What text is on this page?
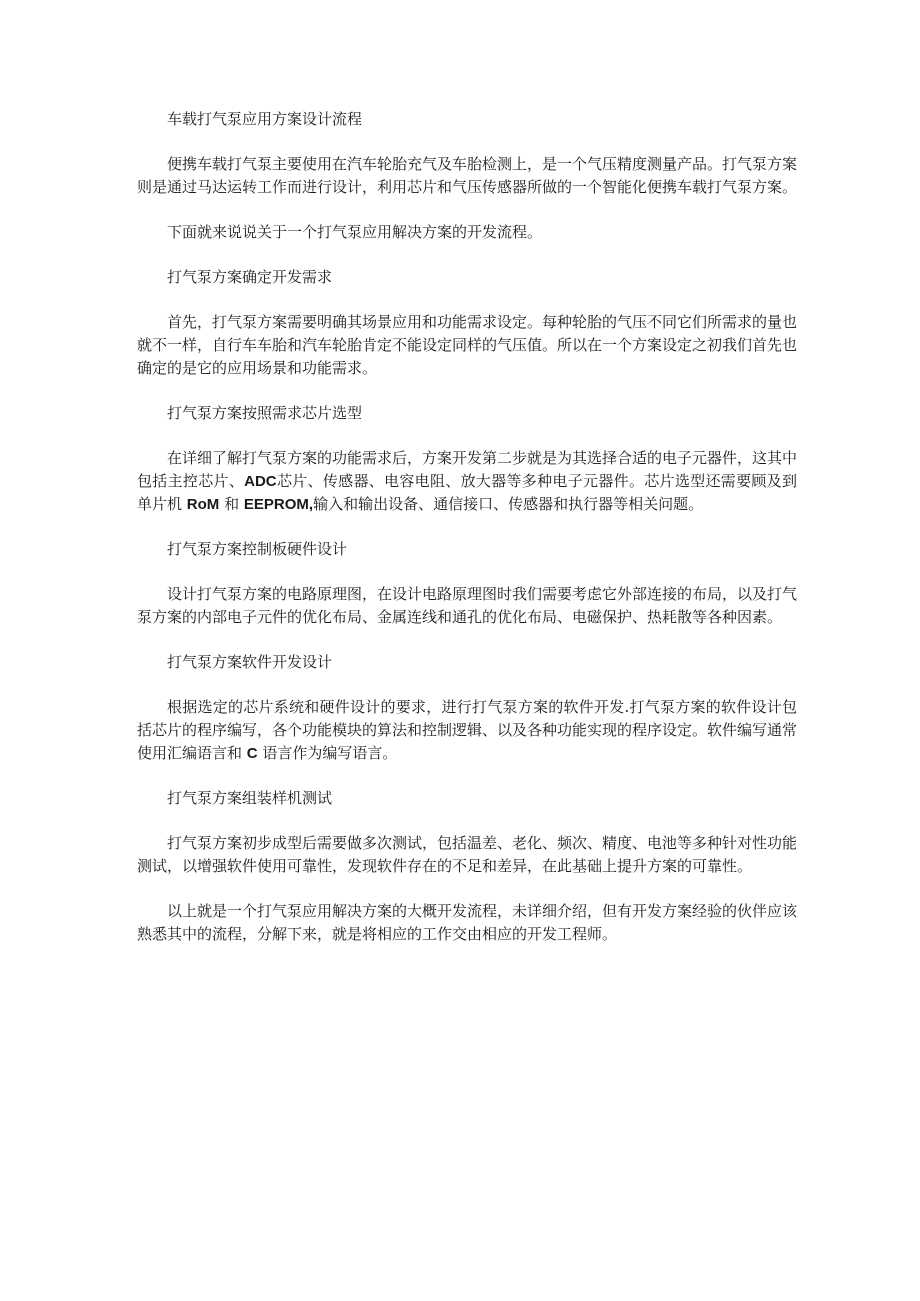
车载打气泵应用方案设计流程

便携车载打气泵主要使用在汽车轮胎充气及车胎检测上，是一个气压精度测量产品。打气泵方案则是通过马达运转工作而进行设计，利用芯片和气压传感器所做的一个智能化便携车载打气泵方案。

下面就来说说关于一个打气泵应用解决方案的开发流程。

打气泵方案确定开发需求

首先，打气泵方案需要明确其场景应用和功能需求设定。每种轮胎的气压不同它们所需求的量也就不一样，自行车车胎和汽车轮胎肯定不能设定同样的气压值。所以在一个方案设定之初我们首先也确定的是它的应用场景和功能需求。

打气泵方案按照需求芯片选型

在详细了解打气泵方案的功能需求后，方案开发第二步就是为其选择合适的电子元器件，这其中包括主控芯片、ADC芯片、传感器、电容电阻、放大器等多种电子元器件。芯片选型还需要顾及到单片机 RoM 和 EEPROM,输入和输出设备、通信接口、传感器和执行器等相关问题。

打气泵方案控制板硬件设计

设计打气泵方案的电路原理图，在设计电路原理图时我们需要考虑它外部连接的布局，以及打气泵方案的内部电子元件的优化布局、金属连线和通孔的优化布局、电磁保护、热耗散等各种因素。

打气泵方案软件开发设计

根据选定的芯片系统和硬件设计的要求，进行打气泵方案的软件开发.打气泵方案的软件设计包括芯片的程序编写，各个功能模块的算法和控制逻辑、以及各种功能实现的程序设定。软件编写通常使用汇编语言和 C 语言作为编写语言。

打气泵方案组装样机测试

打气泵方案初步成型后需要做多次测试，包括温差、老化、频次、精度、电池等多种针对性功能测试，以增强软件使用可靠性，发现软件存在的不足和差异，在此基础上提升方案的可靠性。

以上就是一个打气泵应用解决方案的大概开发流程，未详细介绍，但有开发方案经验的伙伴应该熟悉其中的流程，分解下来，就是将相应的工作交由相应的开发工程师。
